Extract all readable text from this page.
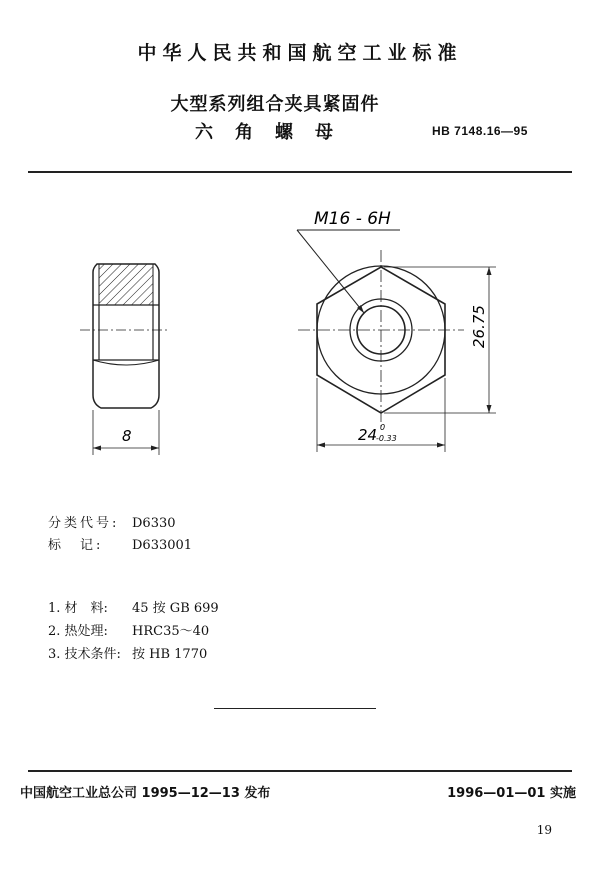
中华人民共和国航空工业标准
大型系列组合夹具紧固件
六角螺母	HB 7148.16—95
8
M16 - 6H
26.75
24 0
-0.33
分类代号: D6330
标　记: D633001
1. 材　料: 45 按 GB 699
2. 热处理: HRC35～40
3. 技术条件: 按 HB 1770
中国航空工业总公司 1995—12—13 发布	1996—01—01 实施
19
